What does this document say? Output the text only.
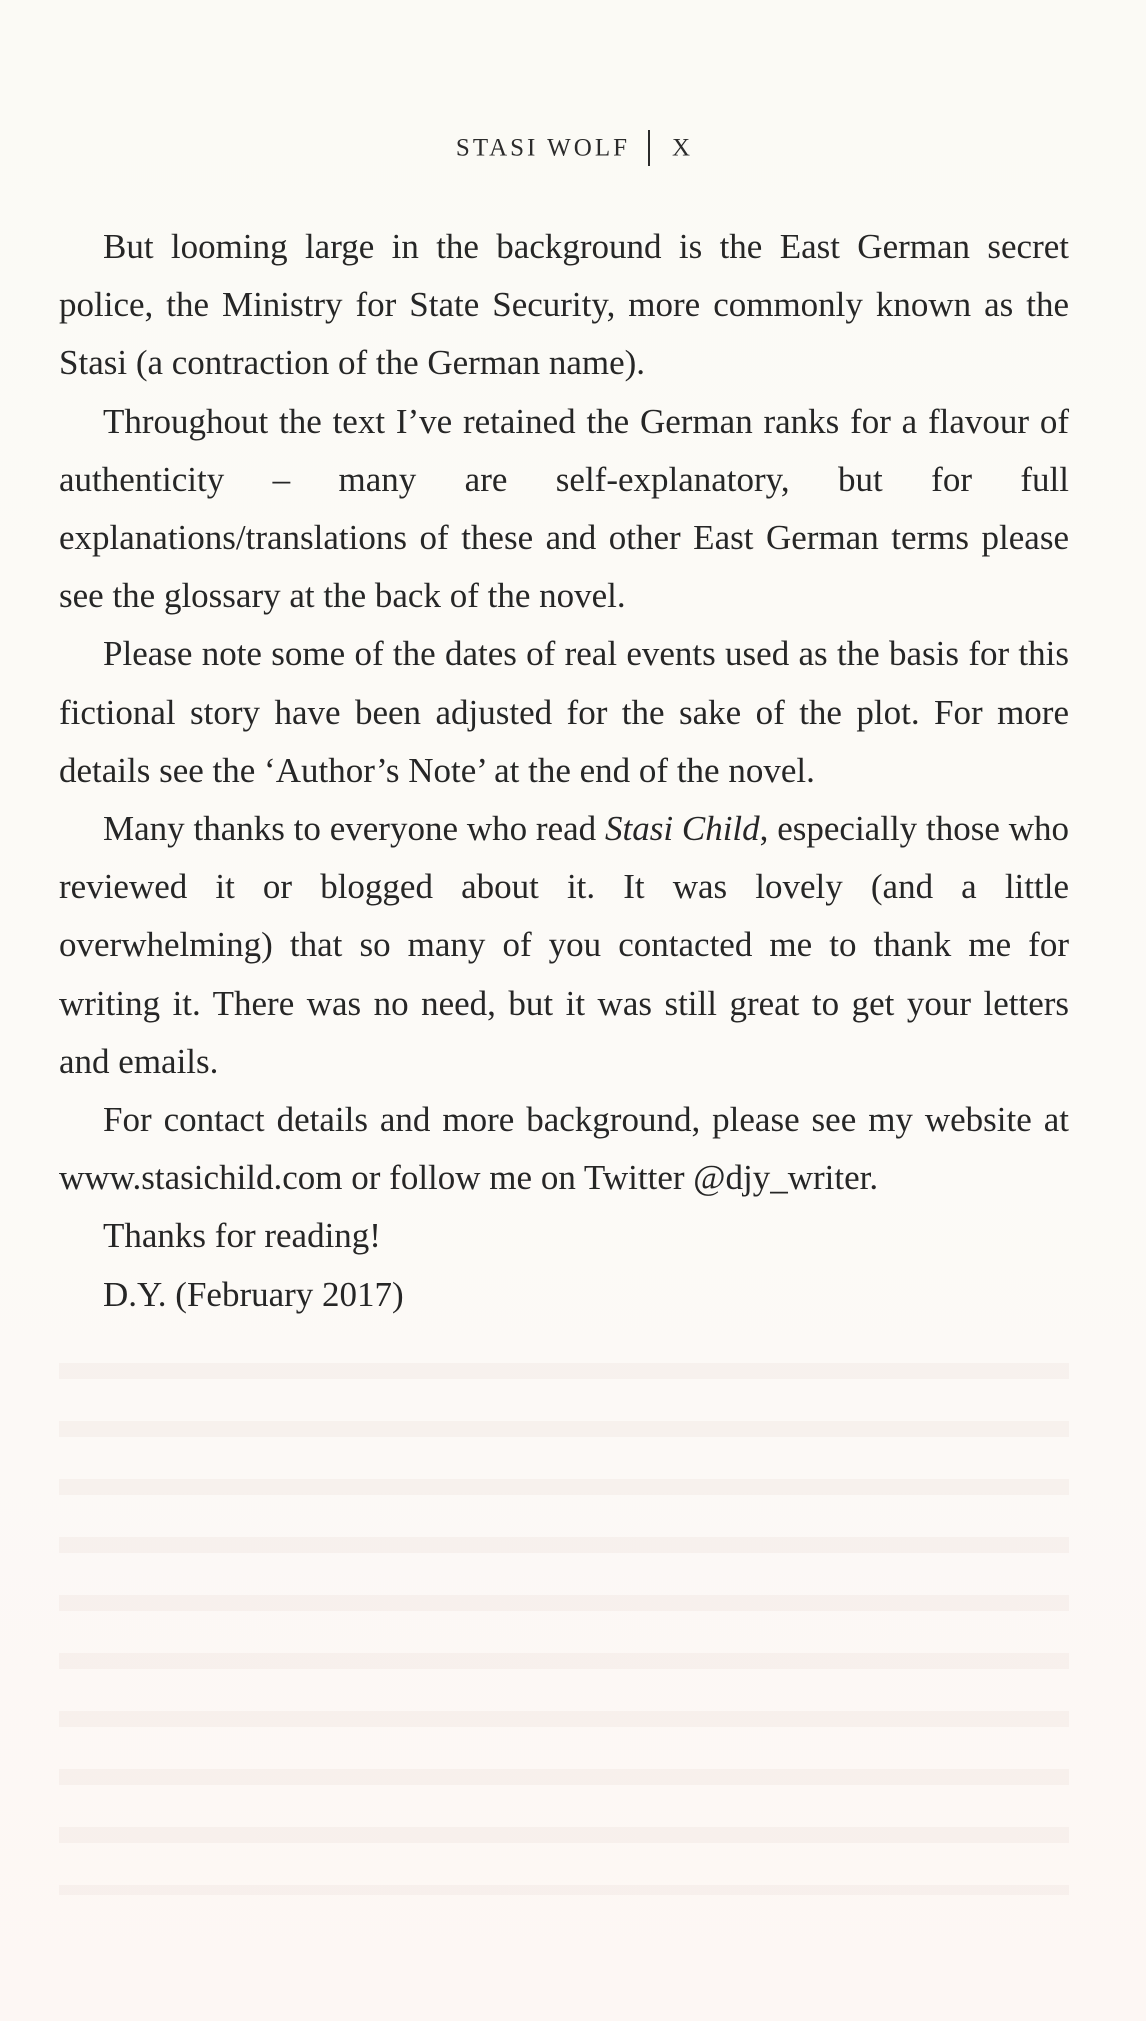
STASI WOLF X

But looming large in the background is the East German secret police, the Ministry for State Security, more commonly known as the Stasi (a contraction of the German name).

Throughout the text I’ve retained the German ranks for a flavour of authenticity – many are self-explanatory, but for full explanations/translations of these and other East German terms please see the glossary at the back of the novel.

Please note some of the dates of real events used as the basis for this fictional story have been adjusted for the sake of the plot. For more details see the ‘Author’s Note’ at the end of the novel.

Many thanks to everyone who read Stasi Child, especially those who reviewed it or blogged about it. It was lovely (and a little overwhelming) that so many of you contacted me to thank me for writing it. There was no need, but it was still great to get your letters and emails.

For contact details and more background, please see my website at www.stasichild.com or follow me on Twitter @djy_writer.

Thanks for reading!

D.Y. (February 2017)
